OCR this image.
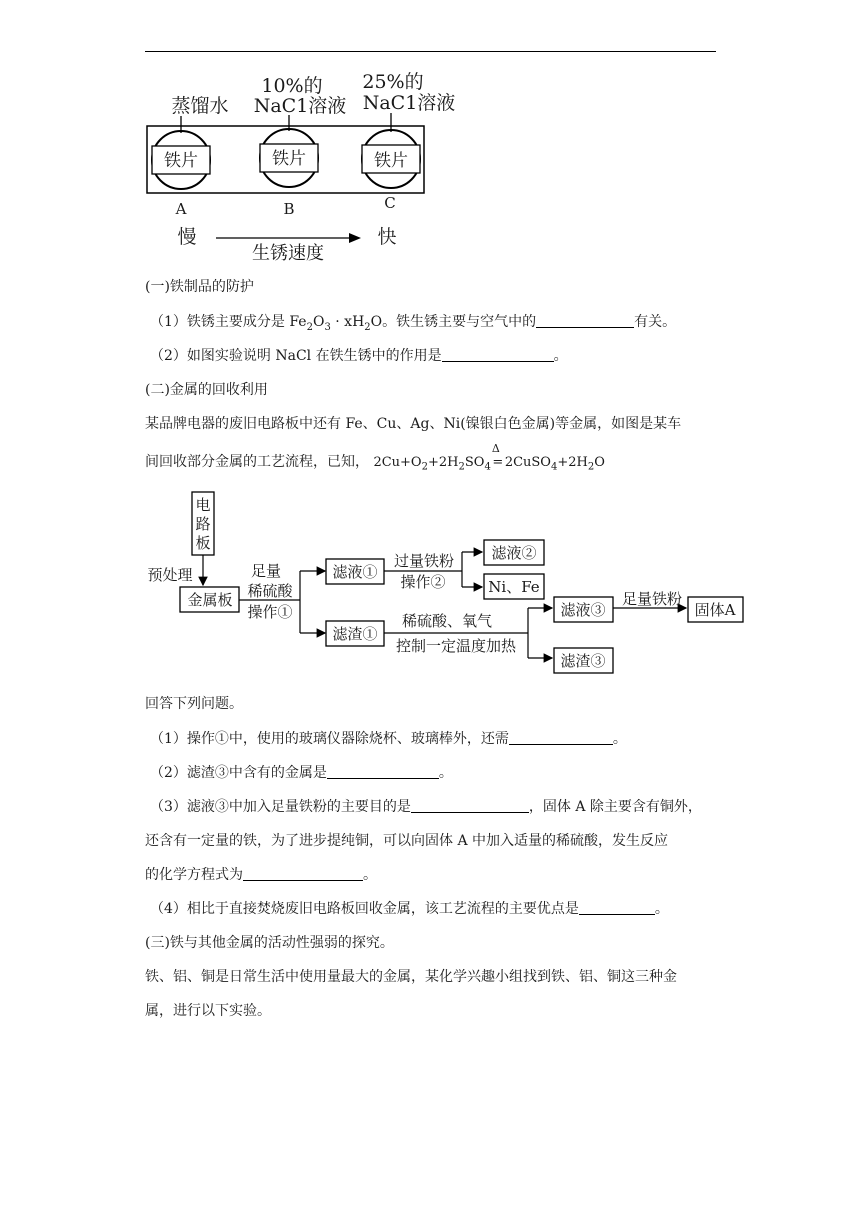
蒸馏水
10%的
NaC1溶液
25%的
NaC1溶液
铁片	铁片	铁片
A	B	C
慢	快
生锈速度
(一)铁制品的防护
（1）铁锈主要成分是 $Fe_2O_3 \cdot xH_2O$。铁生锈主要与空气中的	有关。
（2）如图实验说明 NaCl 在铁生锈中的作用是	。
(二)金属的回收利用
某品牌电器的废旧电路板中还有 Fe、Cu、Ag、Ni(镍银白色金属)等金属，如图是某车
间回收部分金属的工艺流程，已知， $2Cu+O_2+2H_2SO_4$
Δ
= $2CuSO_4+2H_2O$
电
路
板
预处理
金属板
足量
稀硫酸
操作①
滤液①
滤渣①
过量铁粉
操作②
滤液②
Ni、Fe
稀硫酸、氧气
控制一定温度加热
滤液③
滤渣③
足量铁粉
固体A
回答下列问题。
（1）操作①中，使用的玻璃仪器除烧杯、玻璃棒外，还需	。
（2）滤渣③中含有的金属是	。
（3）滤液③中加入足量铁粉的主要目的是	，固体 A 除主要含有铜外，
还含有一定量的铁，为了进步提纯铜，可以向固体 A 中加入适量的稀硫酸，发生反应
的化学方程式为	。
（4）相比于直接焚烧废旧电路板回收金属，该工艺流程的主要优点是	。
(三)铁与其他金属的活动性强弱的探究。
铁、铝、铜是日常生活中使用量最大的金属，某化学兴趣小组找到铁、铝、铜这三种金
属，进行以下实验。
